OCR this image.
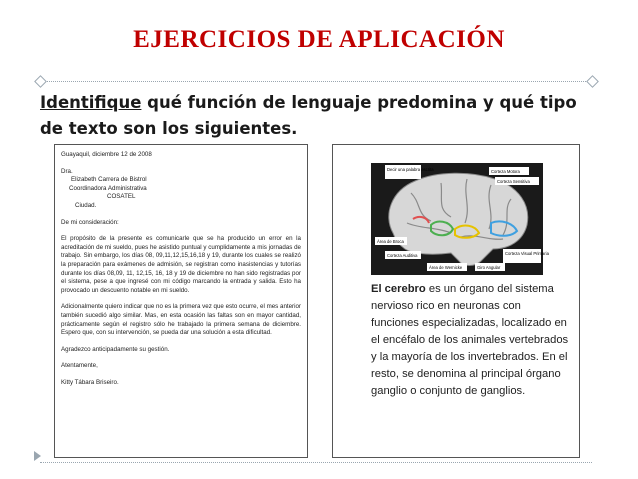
EJERCICIOS DE APLICACIÓN
Identifique qué función de lenguaje predomina y qué tipo de texto son los siguientes.

Guayaquil, diciembre 12 de 2008

Dra.
Elizabeth Carrera de Bistrol
Coordinadora Administrativa
COSATEL
Ciudad.

De mi consideración:

El propósito de la presente es comunicarle que se ha producido un error en la acreditación de mi sueldo, pues he asistido puntual y cumplidamente a mis jornadas de trabajo. Sin embargo, los días 08, 09,11,12,15,16,18 y 19, durante los cuales se realizó la preparación para exámenes de admisión, se registran como inasistencias y tutorías durante los días 08,09, 11, 12,15, 16, 18 y 19 de diciembre no han sido registradas por el sistema, pese a que ingresé con mi código marcando la entrada y salida. Esto ha provocado un descuento notable en mi sueldo.

Adicionalmente quiero indicar que no es la primera vez que esto ocurre, el mes anterior también sucedió algo similar. Mas, en esta ocasión las faltas son en mayor cantidad, prácticamente según el registro sólo he trabajado la primera semana de diciembre. Espero que, con su intervención, se pueda dar una solución a esta dificultad.

Agradezco anticipadamente su gestión.

Atentamente,

Kitty Tábara Briseiro.

Decir una palabra escrita	Corteza Motora
Corteza Sensitiva
Área de Broca
Área de Wernicke
Corteza Visual Primaria
Giro Angular
Corteza Auditiva
El cerebro es un órgano del sistema nervioso rico en neuronas con funciones especializadas, localizado en el encéfalo de los animales vertebrados y la mayoría de los invertebrados. En el resto, se denomina al principal órgano ganglio o conjunto de ganglios.
